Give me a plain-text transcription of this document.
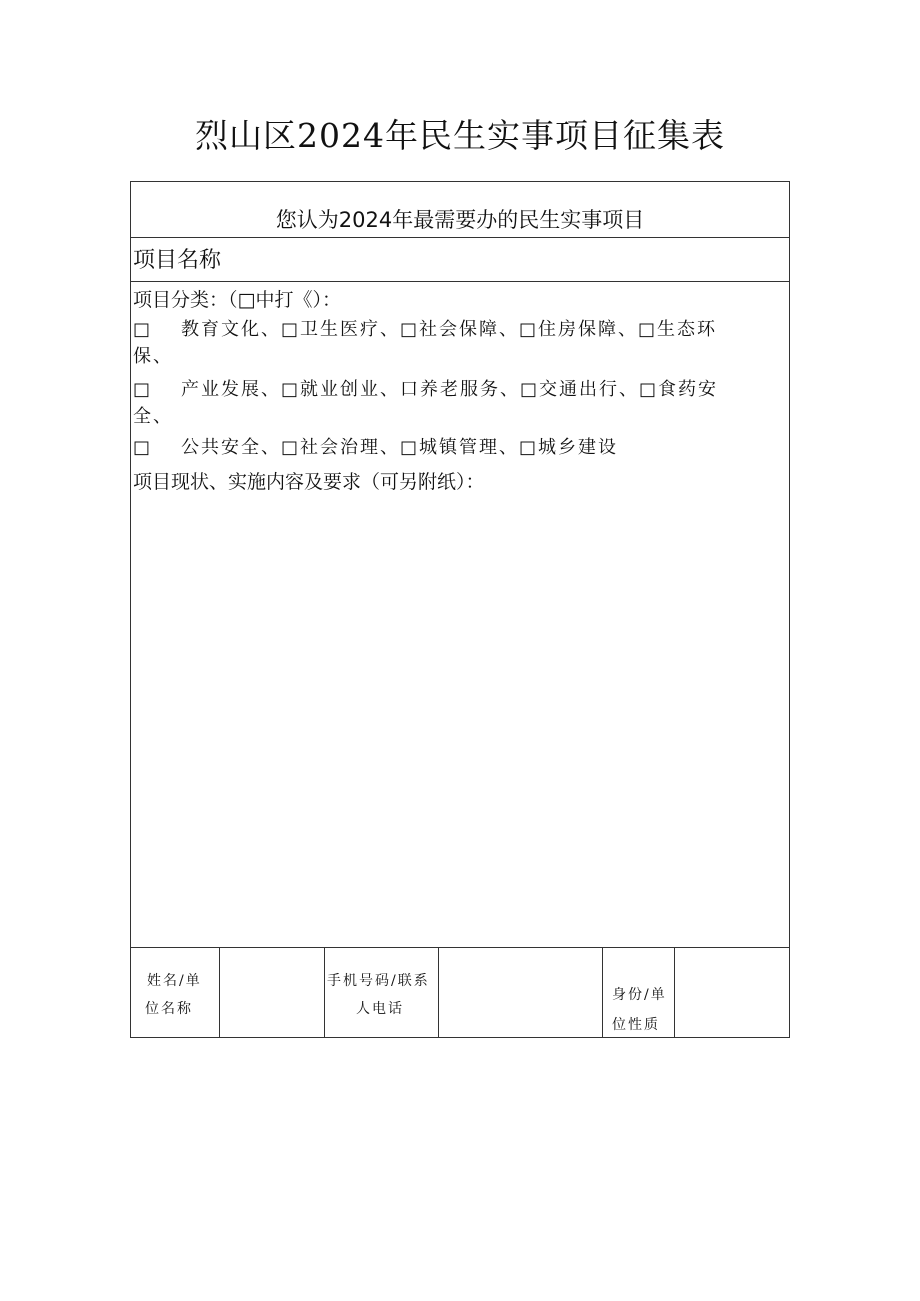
烈山区2024年民生实事项目征集表
您认为2024年最需要办的民生实事项目
项目名称
项目分类：（□中打《）：
□ 教育文化、□卫生医疗、□社会保障、□住房保障、□生态环
保、
□ 产业发展、□就业创业、口养老服务、□交通出行、□食药安
全、
□ 公共安全、□社会治理、□城镇管理、□城乡建设
项目现状、实施内容及要求（可另附纸）：
姓名/单
位名称
手机号码/联系
人电话
身份/单
位性质
